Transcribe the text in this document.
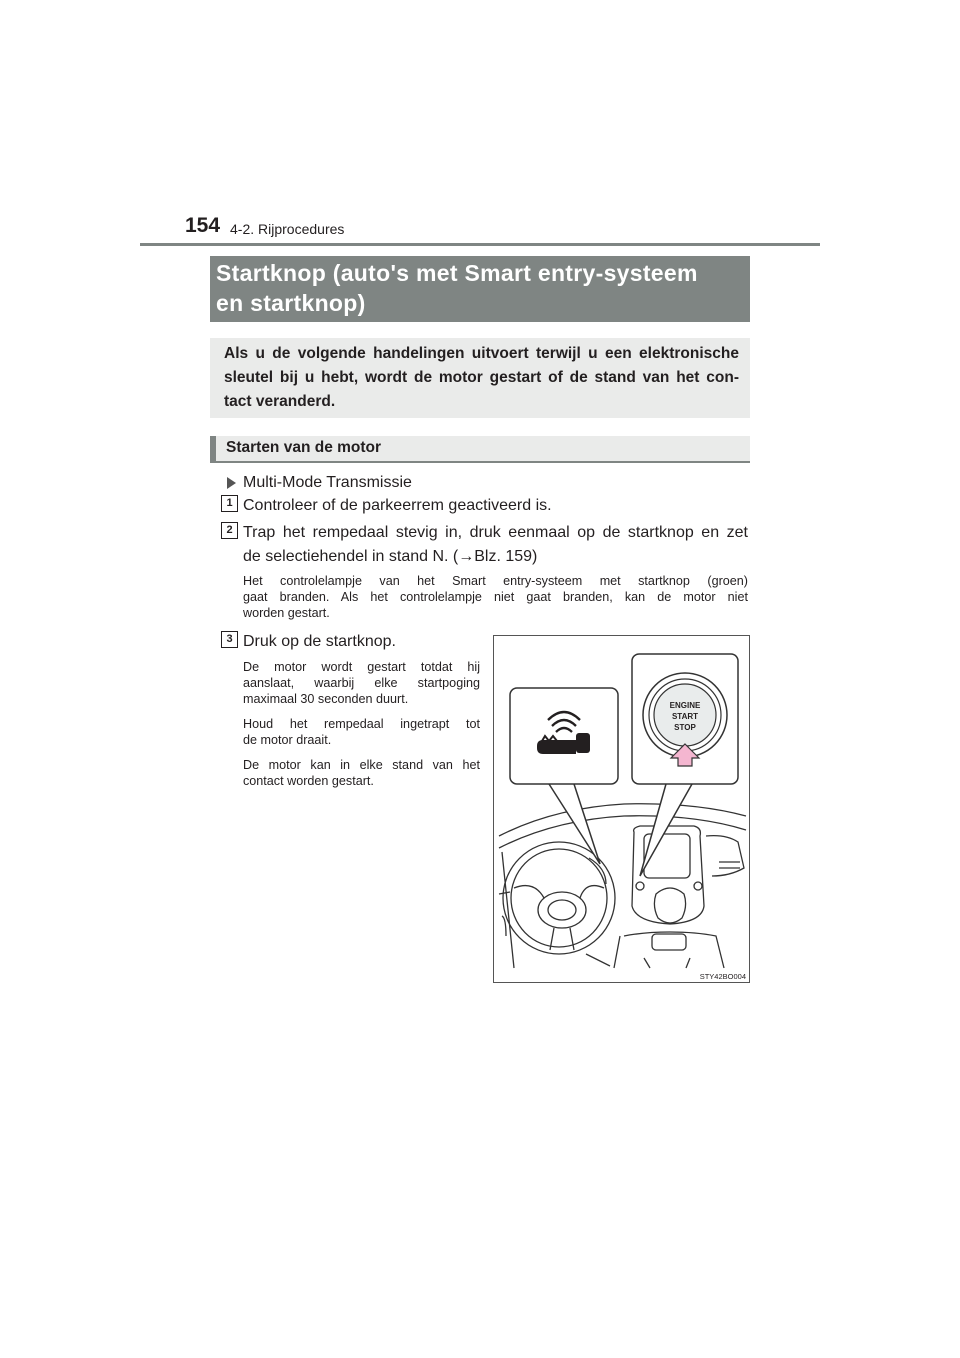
154 4-2. Rijprocedures
Startknop (auto's met Smart entry-systeem
en startknop)
Als u de volgende handelingen uitvoert terwijl u een elektronische
sleutel bij u hebt, wordt de motor gestart of de stand van het con-
tact veranderd.
Starten van de motor
Multi-Mode Transmissie
1 Controleer of de parkeerrem geactiveerd is.
2 Trap het rempedaal stevig in, druk eenmaal op de startknop en zet
de selectiehendel in stand N. (→Blz. 159)
Het controlelampje van het Smart entry-systeem met startknop (groen)
gaat branden. Als het controlelampje niet gaat branden, kan de motor niet
worden gestart.
3 Druk op de startknop.
De motor wordt gestart totdat hij
aanslaat, waarbij elke startpoging
maximaal 30 seconden duurt.
Houd het rempedaal ingetrapt tot
de motor draait.
De motor kan in elke stand van het
contact worden gestart.
ENGINE
START
STOP
STY42BO004
